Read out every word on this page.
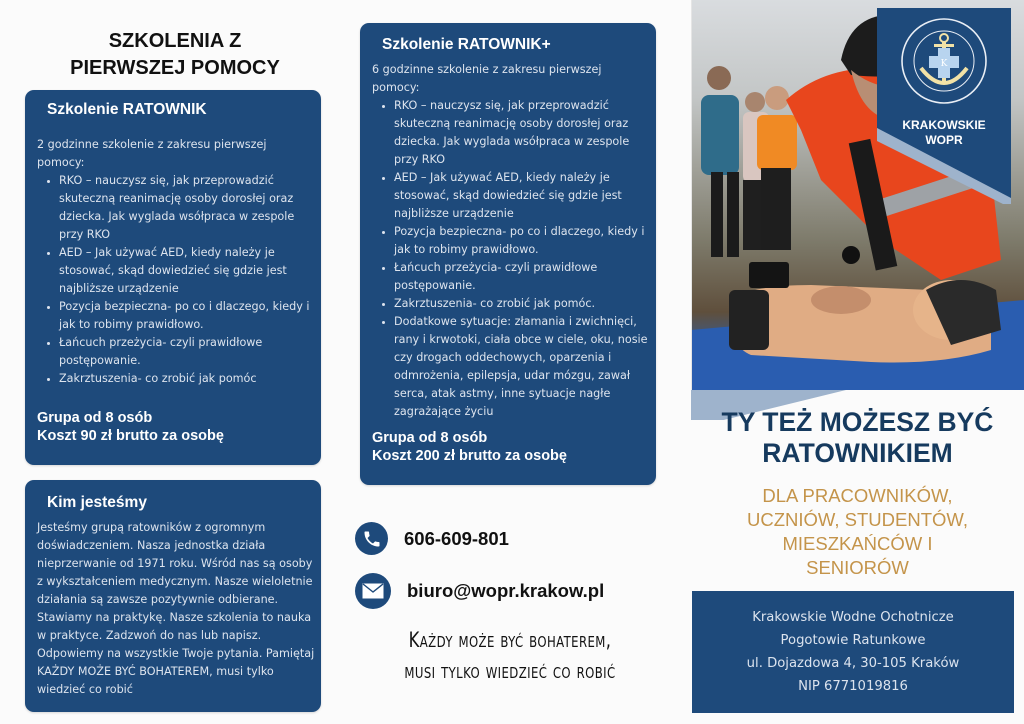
SZKOLENIA Z
PIERWSZEJ POMOCY
Szkolenie RATOWNIK

2 godzinne szkolenie z zakresu pierwszej

pomocy:

RKO – nauczysz się, jak przeprowadzić
skuteczną reanimację osoby dorosłej oraz
dziecka. Jak wyglada wsółpraca w zespole
przy RKO
AED – Jak używać AED, kiedy należy je
stosować, skąd dowiedzieć się gdzie jest
najbliższe urządzenie
Pozycja bezpieczna- po co i dlaczego, kiedy i
jak to robimy prawidłowo.
Łańcuch przeżycia- czyli prawidłowe
postępowanie.
Zakrztuszenia- co zrobić jak pomóc
Grupa od 8 osób
Koszt 90 zł brutto za osobę
Kim jesteśmy

Jesteśmy grupą ratowników z ogromnym

doświadczeniem. Nasza jednostka działa

nieprzerwanie od 1971 roku. Wśród nas są osoby

z wykształceniem medycznym. Nasze wieloletnie

działania są zawsze pozytywnie odbierane.

Stawiamy na praktykę. Nasze szkolenia to nauka

w praktyce. Zadzwoń do nas lub napisz.

Odpowiemy na wszystkie Twoje pytania. Pamiętaj

KAŻDY MOŻE BYĆ BOHATEREM, musi tylko

wiedzieć co robić

Szkolenie RATOWNIK+

6 godzinne szkolenie z zakresu pierwszej

pomocy:

RKO – nauczysz się, jak przeprowadzić
skuteczną reanimację osoby dorosłej oraz
dziecka. Jak wyglada wsółpraca w zespole
przy RKO
AED – Jak używać AED, kiedy należy je
stosować, skąd dowiedzieć się gdzie jest
najbliższe urządzenie
Pozycja bezpieczna- po co i dlaczego, kiedy i
jak to robimy prawidłowo.
Łańcuch przeżycia- czyli prawidłowe
postępowanie.
Zakrztuszenia- co zrobić jak pomóc.
Dodatkowe sytuacje: złamania i zwichnięci,
rany i krwotoki, ciała obce w ciele, oku, nosie
czy drogach oddechowych, oparzenia i
odmrożenia, epilepsja, udar mózgu, zawał
serca, atak astmy, inne sytuacje nagłe
zagrażające życiu
Grupa od 8 osób
Koszt 200 zł brutto za osobę
606-609-801
biuro@wopr.krakow.pl
Każdy może być bohaterem,
musi tylko wiedzieć co robić
K
KRAKOWSKIE
WOPR
TY TEŻ MOŻESZ BYĆ
RATOWNIKIEM
DLA PRACOWNIKÓW,
UCZNIÓW, STUDENTÓW,
MIESZKAŃCÓW I
SENIORÓW
Krakowskie Wodne Ochotnicze
Pogotowie Ratunkowe
ul. Dojazdowa 4, 30-105 Kraków
NIP 6771019816
